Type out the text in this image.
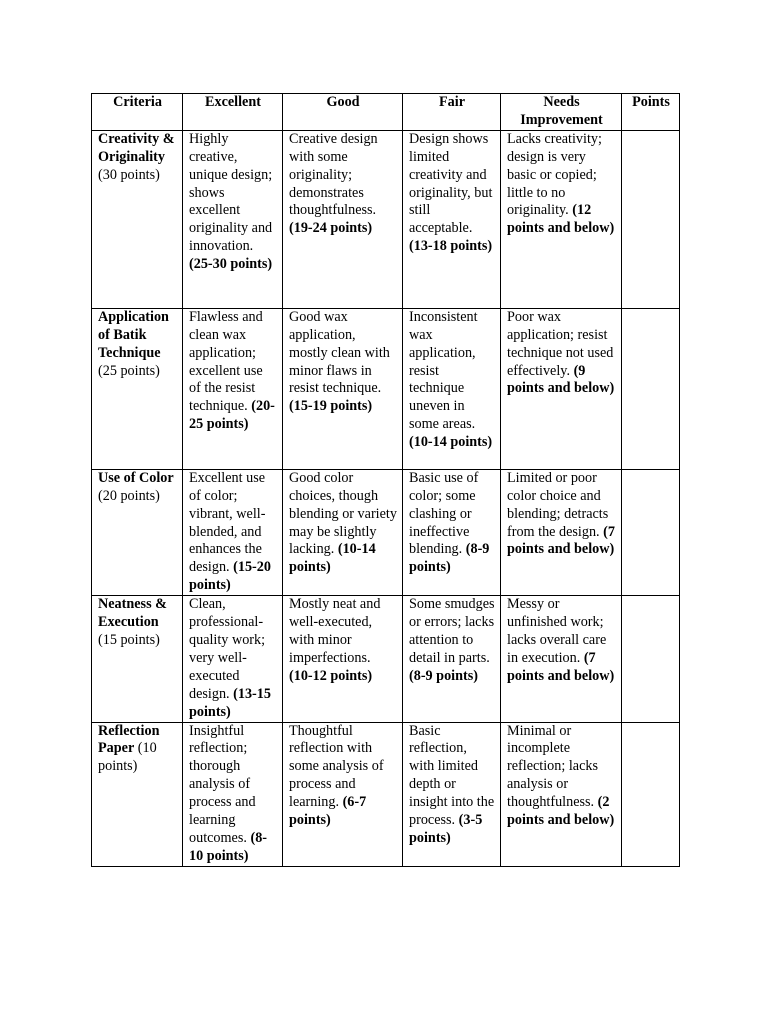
Criteria	Excellent	Good	Fair	Needs Improvement	Points
Creativity & Originality (30 points)	Highly creative, unique design; shows excellent originality and innovation. (25-30 points)	Creative design with some originality; demonstrates thoughtfulness. (19-24 points)	Design shows limited creativity and originality, but still acceptable. (13-18 points)	Lacks creativity; design is very basic or copied; little to no originality. (12 points and below)	
Application of Batik Technique (25 points)	Flawless and clean wax application; excellent use of the resist technique. (20-25 points)	Good wax application, mostly clean with minor flaws in resist technique. (15-19 points)	Inconsistent wax application, resist technique uneven in some areas. (10-14 points)	Poor wax application; resist technique not used effectively. (9 points and below)	
Use of Color (20 points)	Excellent use of color; vibrant, well-blended, and enhances the design. (15-20 points)	Good color choices, though blending or variety may be slightly lacking. (10-14 points)	Basic use of color; some clashing or ineffective blending. (8-9 points)	Limited or poor color choice and blending; detracts from the design. (7 points and below)	
Neatness & Execution (15 points)	Clean, professional-quality work; very well-executed design. (13-15 points)	Mostly neat and well-executed, with minor imperfections. (10-12 points)	Some smudges or errors; lacks attention to detail in parts. (8-9 points)	Messy or unfinished work; lacks overall care in execution. (7 points and below)	
Reflection Paper (10 points)	Insightful reflection; thorough analysis of process and learning outcomes. (8-10 points)	Thoughtful reflection with some analysis of process and learning. (6-7 points)	Basic reflection, with limited depth or insight into the process. (3-5 points)	Minimal or incomplete reflection; lacks analysis or thoughtfulness. (2 points and below)	
